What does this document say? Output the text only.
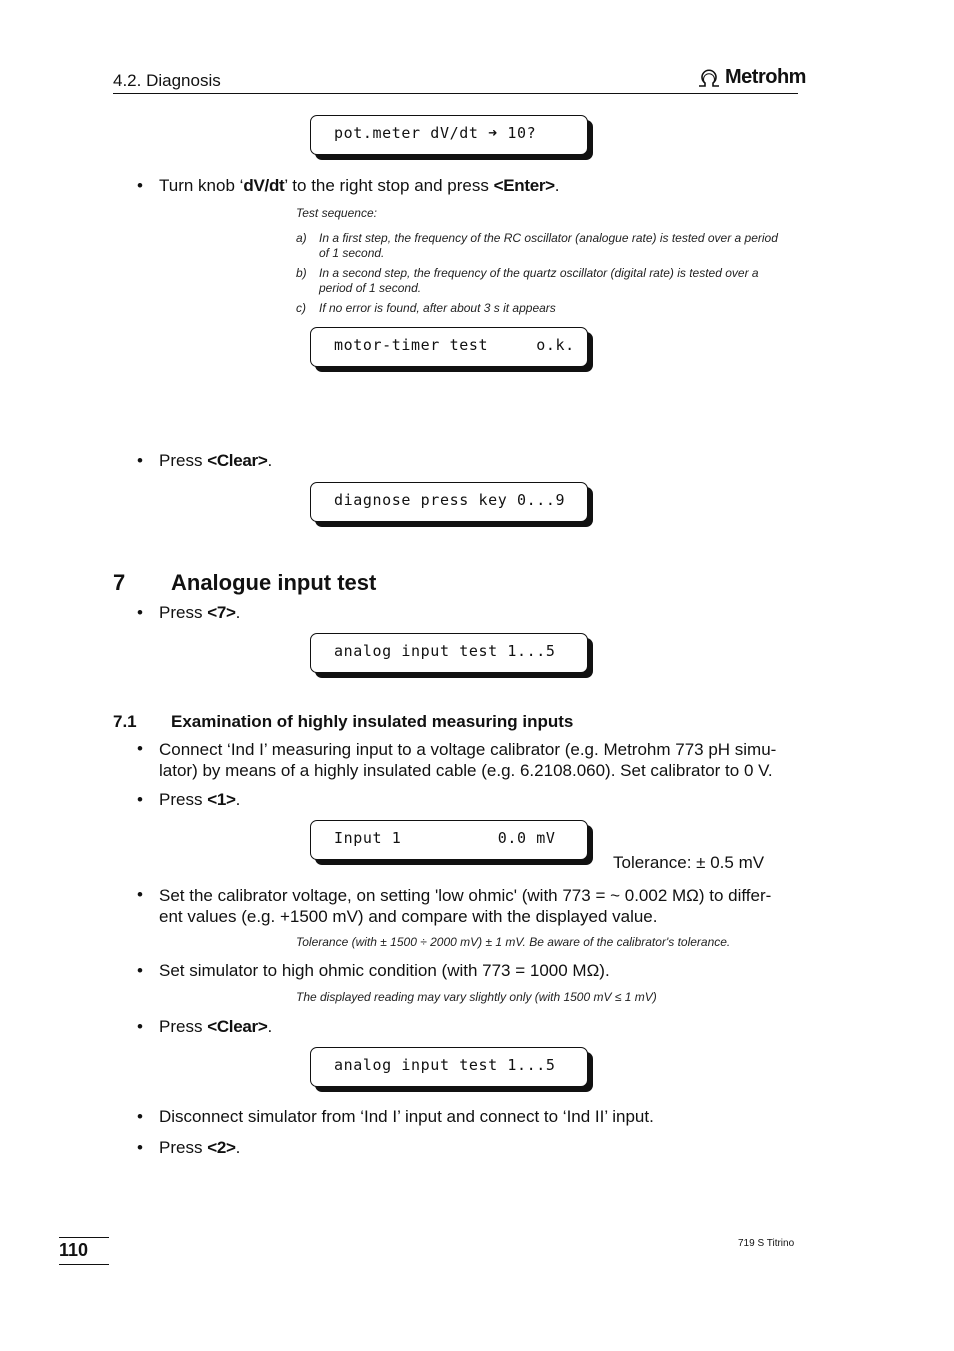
4.2. Diagnosis	Metrohm
pot.meter dV/dt ➜ 10?
• Turn knob ‘dV/dt’ to the right stop and press <Enter>.
Test sequence:
a) In a first step, the frequency of the RC oscillator (analogue rate) is tested over a period of 1 second.
b) In a second step, the frequency of the quartz oscillator (digital rate) is tested over a period of 1 second.
c) If no error is found, after about 3 s it appears
motor-timer test     o.k.
• Press <Clear>.
diagnose press key 0...9
7 Analogue input test
• Press <7>.
analog input test 1...5
7.1 Examination of highly insulated measuring inputs
• Connect ‘Ind I’ measuring input to a voltage calibrator (e.g. Metrohm 773 pH simu-lator) by means of a highly insulated cable (e.g. 6.2108.060). Set calibrator to 0 V.
• Press <1>.
Input 1          0.0 mV
Tolerance: ± 0.5 mV
• Set the calibrator voltage, on setting 'low ohmic' (with 773 = ~ 0.002 MΩ) to differ-ent values (e.g. +1500 mV) and compare with the displayed value.
Tolerance (with ± 1500 ÷ 2000 mV) ± 1 mV. Be aware of the calibrator's tolerance.
• Set simulator to high ohmic condition (with 773 = 1000 MΩ).
The displayed reading may vary slightly only (with 1500 mV ≤ 1 mV)
• Press <Clear>.
analog input test 1...5
• Disconnect simulator from ‘Ind I’ input and connect to ‘Ind II’ input.
• Press <2>.
110	719 S Titrino
